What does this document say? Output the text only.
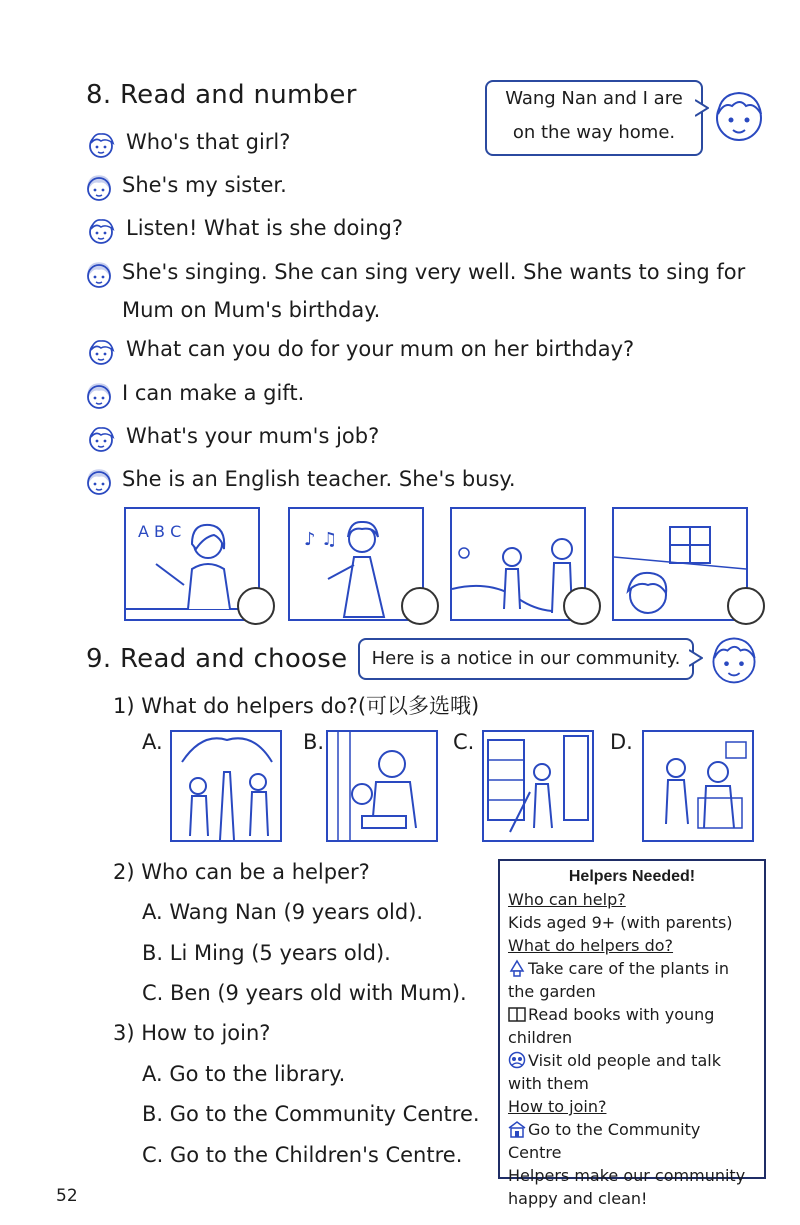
8. Read and number	Wang Nan and I are
on the way home.
Who's that girl?
She's my sister.
Listen! What is she doing?
She's singing. She can sing very well. She wants to sing for
Mum on Mum's birthday.
What can you do for your mum on her birthday?
I can make a gift.
What's your mum's job?
She is an English teacher. She's busy.
A B C	♪ ♫
9. Read and choose	Here is a notice in our community.
1) What do helpers do?(可以多选哦)
A.	B.	C.	D.
2) Who can be a helper?
A. Wang Nan (9 years old).
B. Li Ming (5 years old).
C. Ben (9 years old with Mum).
3) How to join?
A. Go to the library.
B. Go to the Community Centre.
C. Go to the Children's Centre.
Helpers Needed!
Who can help?
Kids aged 9+ (with parents)
What do helpers do?
Take care of the plants in
the garden
Read books with young
children
Visit old people and talk
with them
How to join?
Go to the Community Centre
Helpers make our community
happy and clean!
52
